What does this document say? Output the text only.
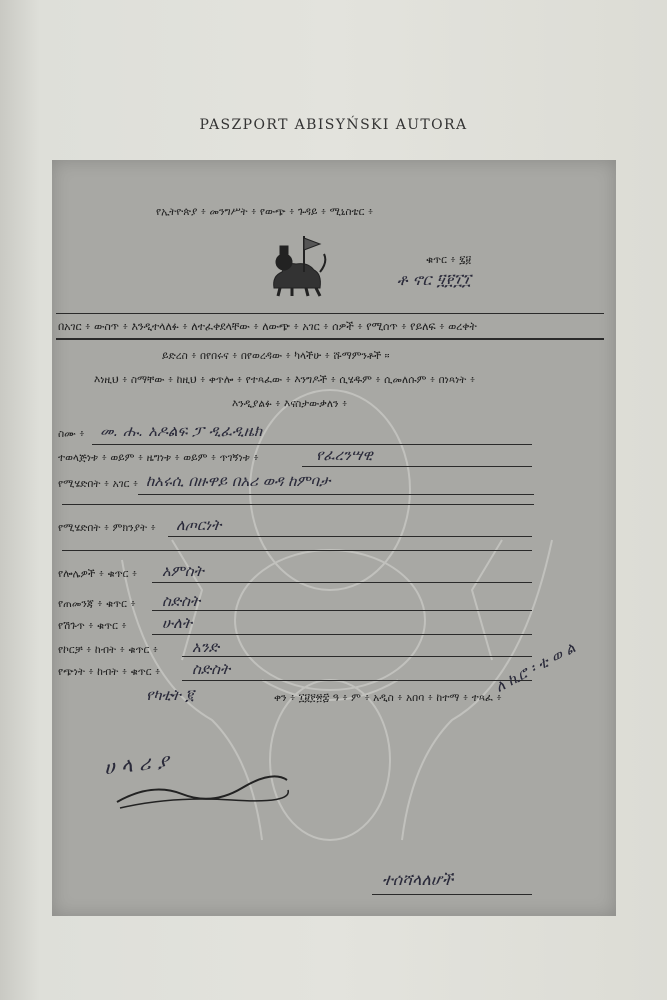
PASZPORT ABISYŃSKI AUTORA
የኢትዮጵያ ፥ መንግሥት ፥ የውጭ ፥ ጉዳይ ፥ ሚኒስቴር ፥
ቁጥር ፥ ፯፱
ቶ ኖር ፶፻፲፲
በአገር ፥ ውስጥ ፥ እንዲተላለፉ ፥ ለተፈቀደላቸው ፥ ለውጭ ፥ አገር ፥ ሰዎች ፥ የሚሰጥ ፥ የይለፍ ፥ ወረቀት
ይድረስ ፥ በየበሩና ፥ በየወረዳው ፥ ካላችሁ ፥ ሹማምንቶች ።
እነዚህ ፥ ስማቸው ፥ ከዚህ ፥ ቀጥሎ ፥ የተጻፈው ፥ እንግዶች ፥ ሲሄዱም ፥ ሲመለሱም ፥ በነጻነት ፥
እንዲያልፉ ፥ እናስታውቃለን ፥
ስሙ ፥ መ. ሑ. አዶልፍ ፓ ዲፈዲዜክ
ተወላጅነቱ ፥ ወይም ፥ ዜግነቱ ፥ ወይም ፥ ጥገኝነቱ ፥	የፈረንሣዊ
የሚሄድበት ፥ አገር ፥ ከአሩሲ በዙዋይ በአሪ ወዳ ከምባታ
የሚሄድበት ፥ ምክንያት ፥ ለጦርነት
የሎሌዎች ፥ ቁጥር ፥ አምስት
የጠመንጃ ፥ ቁጥር ፥ ስድስት
የሽጉጥ ፥ ቁጥር ፥ ሁለት
የኮርቻ ፥ ከብት ፥ ቁጥር ፥ አንድ
የጭነት ፥ ከብት ፥ ቁጥር ፥ ስድስት
የካቲት ፪	ቀን ፥ ፲፱፻፳፰ ዓ ፥ ም ፥ አዲስ ፥ አበባ ፥ ከተማ ፥ ተጻፈ ፥
ሀ ላ ሪ ያ
ለ ኪሮ ፡ ቲ ወ ል
ተሰሻላለሆች
